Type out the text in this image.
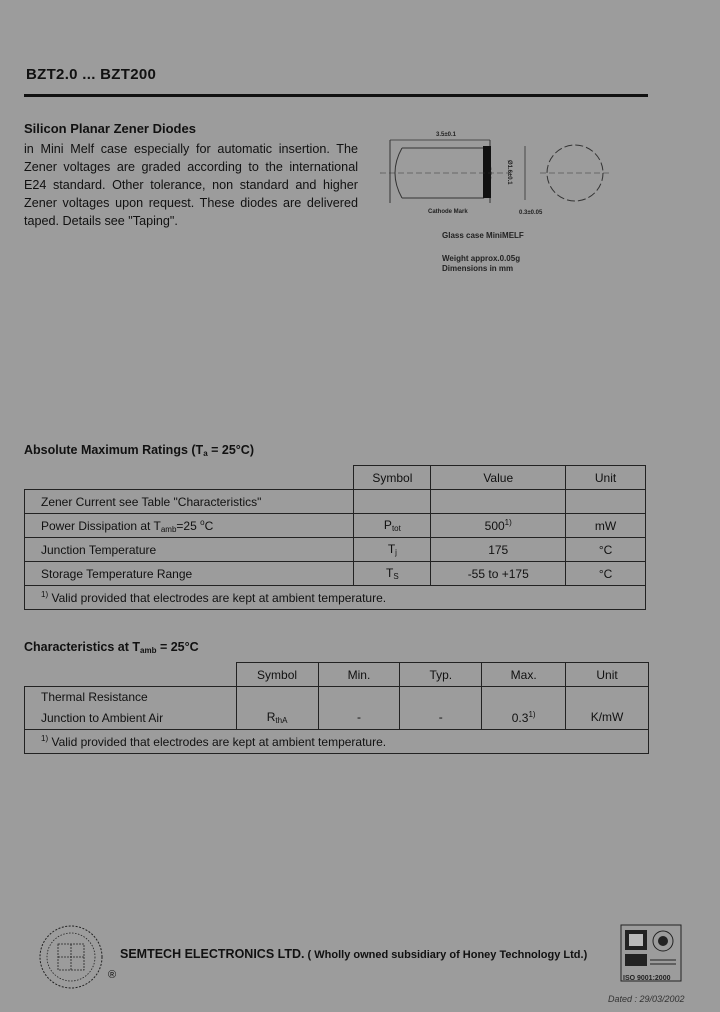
BZT2.0 ... BZT200
Silicon Planar Zener Diodes
in Mini Melf case especially for automatic insertion. The Zener voltages are graded according to the international E24 standard. Other tolerance, non standard and higher Zener voltages upon request. These diodes are delivered taped. Details see "Taping".
3.5±0.1
Ø1.6±0.1
Cathode Mark	0.3±0.05
Glass case MiniMELF
Weight approx.0.05g
Dimensions in mm
Absolute Maximum Ratings $(T_a = 25^\circ C)$
	Symbol	Value	Unit
Zener Current see Table "Characteristics"			
Power Dissipation at $T_{amb}=25$ $^o$C	$P_{tot}$	500$^{1)}$	mW
Junction Temperature	$T_j$	175	°C
Storage Temperature Range	$T_S$	-55 to +175	°C
$^{1)}$ Valid provided that electrodes are kept at ambient temperature.			
Characteristics at $T_{amb} = 25^\circ C$
	Symbol	Min.	Typ.	Max.	Unit
Thermal Resistance
Junction to Ambient Air	$R_{thA}$	-	-	0.3$^{1)}$	K/mW
$^{1)}$ Valid provided that electrodes are kept at ambient temperature.					
SEMTECH ELECTRONICS LTD. ( Wholly owned subsidiary of Honey Technology Ltd.)
®	ISO 9001:2000
Dated : 29/03/2002
